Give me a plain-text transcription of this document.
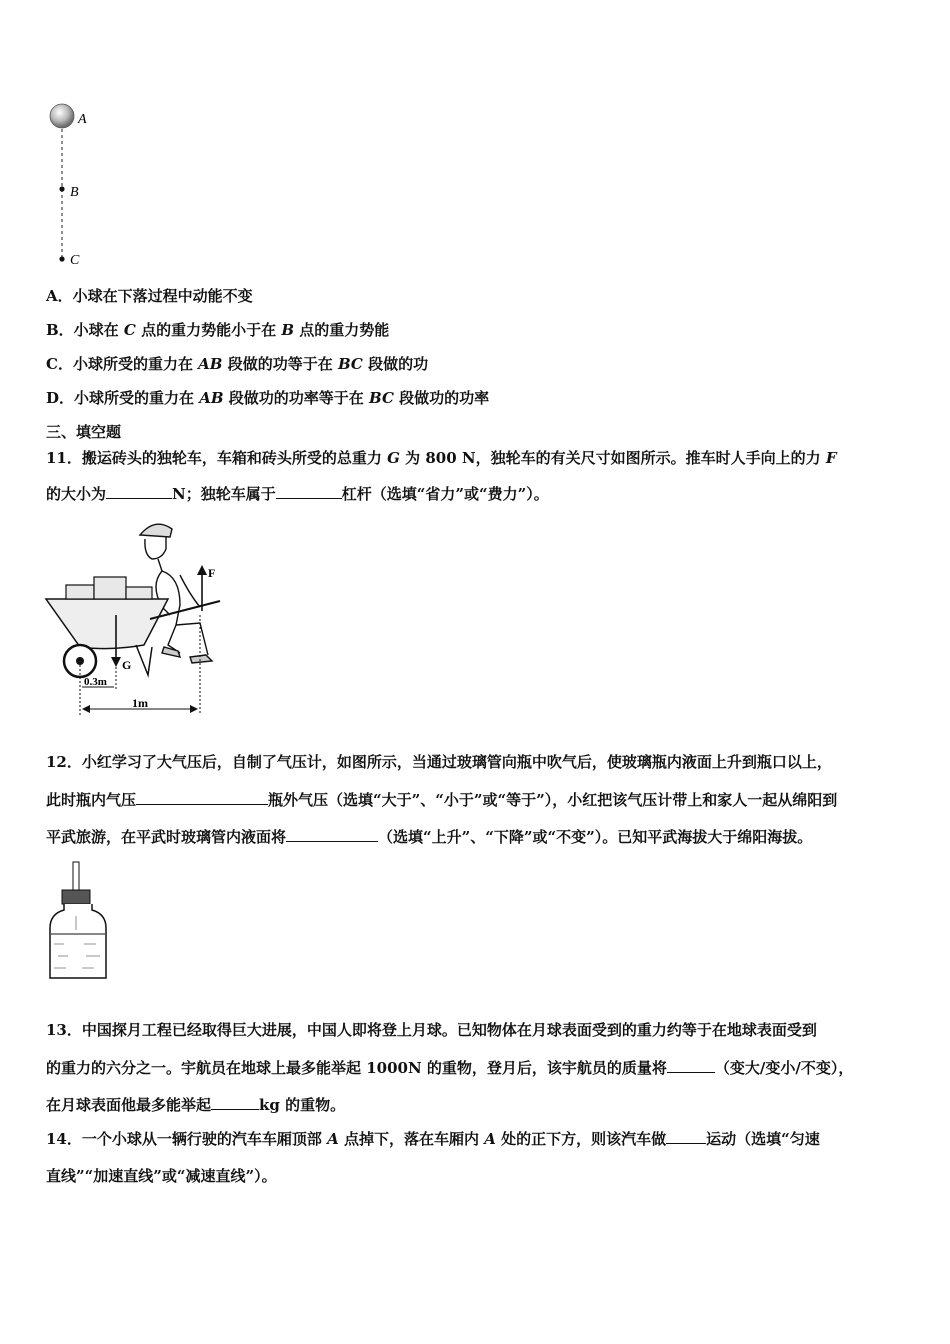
A
B
C
A．小球在下落过程中动能不变
B．小球在 C 点的重力势能小于在 B 点的重力势能
C．小球所受的重力在 AB 段做的功等于在 BC 段做的功
D．小球所受的重力在 AB 段做功的功率等于在 BC 段做功的功率
三、填空题
11．搬运砖头的独轮车，车箱和砖头所受的总重力 G 为 800 N，独轮车的有关尺寸如图所示。推车时人手向上的力 F
的大小为	N；独轮车属于	杠杆（选填“省力”或“费力”）。
F
G
0.3m
1m
12．小红学习了大气压后，自制了气压计，如图所示，当通过玻璃管向瓶中吹气后，使玻璃瓶内液面上升到瓶口以上，
此时瓶内气压	瓶外气压（选填“大于”、“小于”或“等于”），小红把该气压计带上和家人一起从绵阳到
平武旅游，在平武时玻璃管内液面将	（选填“上升”、“下降”或“不变”）。已知平武海拔大于绵阳海拔。
13．中国探月工程已经取得巨大进展，中国人即将登上月球。已知物体在月球表面受到的重力约等于在地球表面受到
的重力的六分之一。宇航员在地球上最多能举起 1000N 的重物，登月后，该宇航员的质量将	（变大/变小/不变），
在月球表面他最多能举起	kg 的重物。
14．一个小球从一辆行驶的汽车车厢顶部 A 点掉下，落在车厢内 A 处的正下方，则该汽车做	运动（选填“匀速
直线”“加速直线”或“减速直线”）。
